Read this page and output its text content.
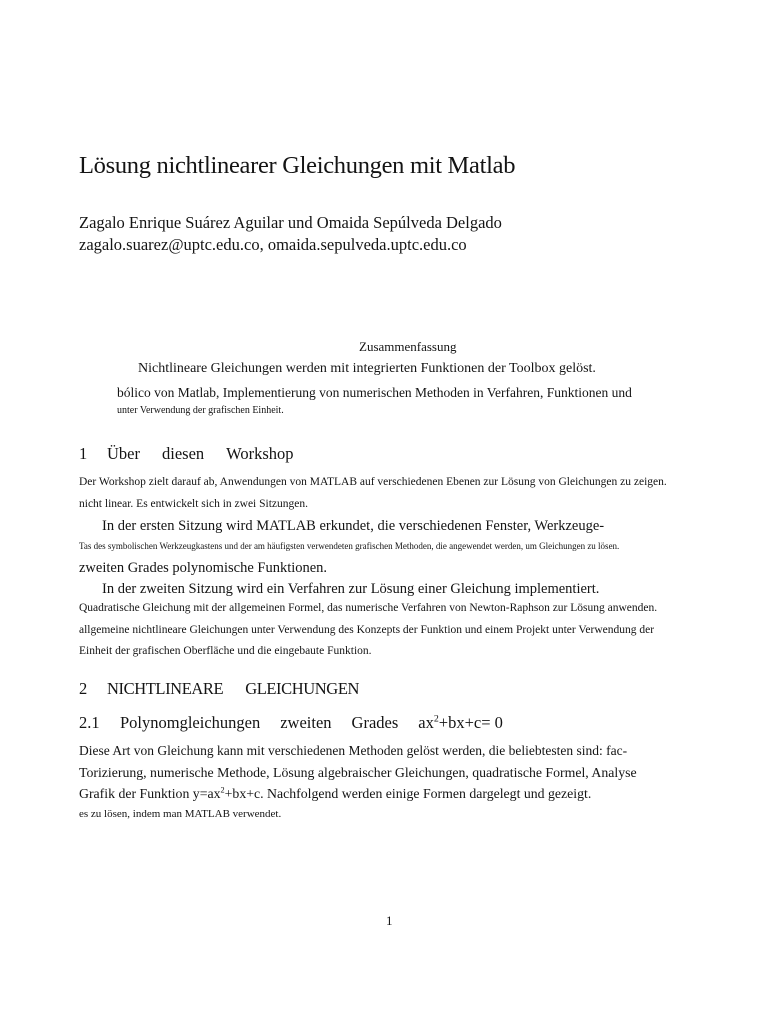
Lösung nichtlinearer Gleichungen mit Matlab
Zagalo Enrique Suárez Aguilar und Omaida Sepúlveda Delgado
zagalo.suarez@uptc.edu.co, omaida.sepulveda.uptc.edu.co
Zusammenfassung
Nichtlineare Gleichungen werden mit integrierten Funktionen der Toolbox gelöst.
bólico von Matlab, Implementierung von numerischen Methoden in Verfahren, Funktionen und
unter Verwendung der grafischen Einheit.
1 Über diesen Workshop
Der Workshop zielt darauf ab, Anwendungen von MATLAB auf verschiedenen Ebenen zur Lösung von Gleichungen zu zeigen.
nicht linear. Es entwickelt sich in zwei Sitzungen.
In der ersten Sitzung wird MATLAB erkundet, die verschiedenen Fenster, Werkzeuge-
Tas des symbolischen Werkzeugkastens und der am häufigsten verwendeten grafischen Methoden, die angewendet werden, um Gleichungen zu lösen.
zweiten Grades polynomische Funktionen.
In der zweiten Sitzung wird ein Verfahren zur Lösung einer Gleichung implementiert.
Quadratische Gleichung mit der allgemeinen Formel, das numerische Verfahren von Newton-Raphson zur Lösung anwenden.
allgemeine nichtlineare Gleichungen unter Verwendung des Konzepts der Funktion und einem Projekt unter Verwendung der
Einheit der grafischen Oberfläche und die eingebaute Funktion.
2 NICHTLINEARE GLEICHUNGEN
2.1 Polynomgleichungen zweiten Grades $ax^2+bx+c= 0$
Diese Art von Gleichung kann mit verschiedenen Methoden gelöst werden, die beliebtesten sind: fac-
Torizierung, numerische Methode, Lösung algebraischer Gleichungen, quadratische Formel, Analyse
Grafik der Funktion $y=ax^2+bx+c$. Nachfolgend werden einige Formen dargelegt und gezeigt.
es zu lösen, indem man MATLAB verwendet.
1
